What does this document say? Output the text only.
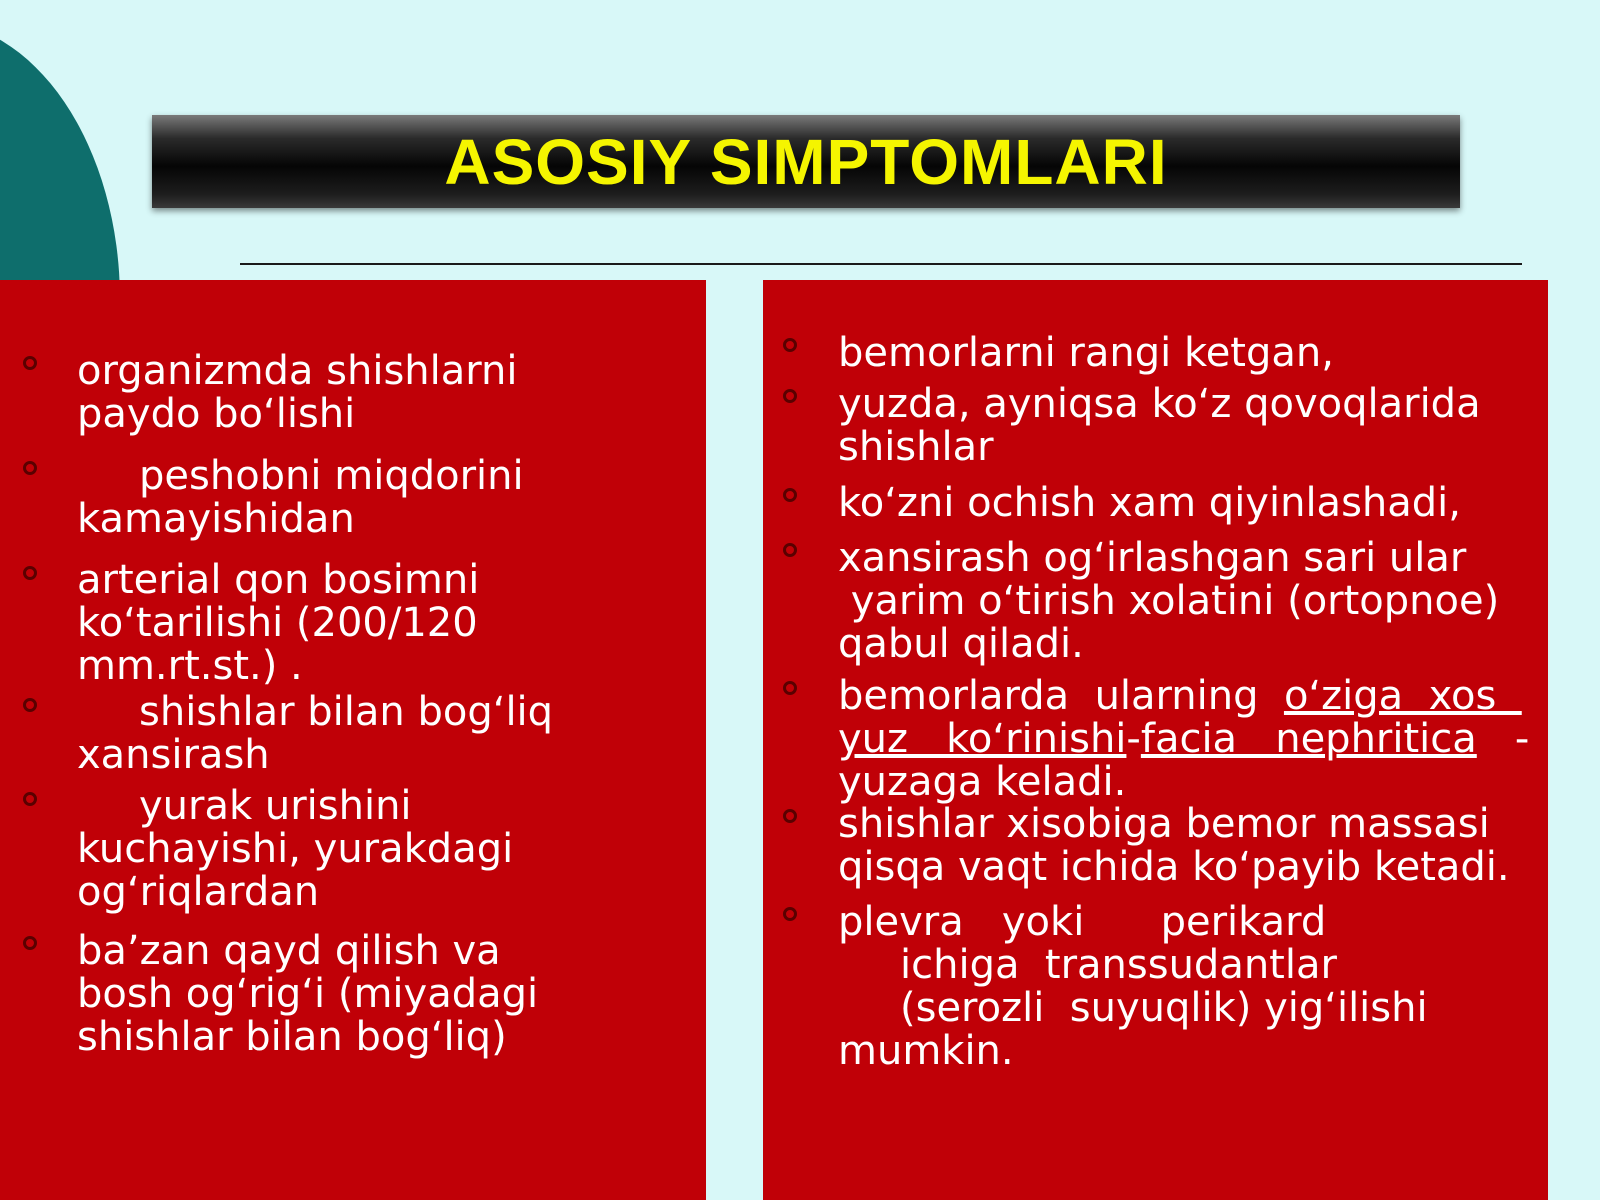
ASOSIY SIMPTOMLARI
organizmda shishlarni
paydo bo‘lishi
peshobni miqdorini
kamayishidan
arterial qon bosimni
ko‘tarilishi (200/120
mm.rt.st.) .
shishlar bilan bog‘liq
xansirash
yurak urishini
kuchayishi, yurakdagi
og‘riqlardan
ba’zan qayd qilish va
bosh og‘rig‘i (miyadagi
shishlar bilan bog‘liq)
bemorlarni rangi ketgan,
yuzda, ayniqsa ko‘z qovoqlarida
shishlar
ko‘zni ochish xam qiyinlashadi,
xansirash og‘irlashgan sari ular
yarim o‘tirish xolatini (ortopnoe)
qabul qiladi.
bemorlarda  ularning  o‘ziga  xos
yuz   ko‘rinishi-facia   nephritica   -
yuzaga keladi.
shishlar xisobiga bemor massasi
qisqa vaqt ichida ko‘payib ketadi.
plevra   yoki      perikard
ichiga  transsudantlar
(serozli  suyuqlik) yig‘ilishi
mumkin.
